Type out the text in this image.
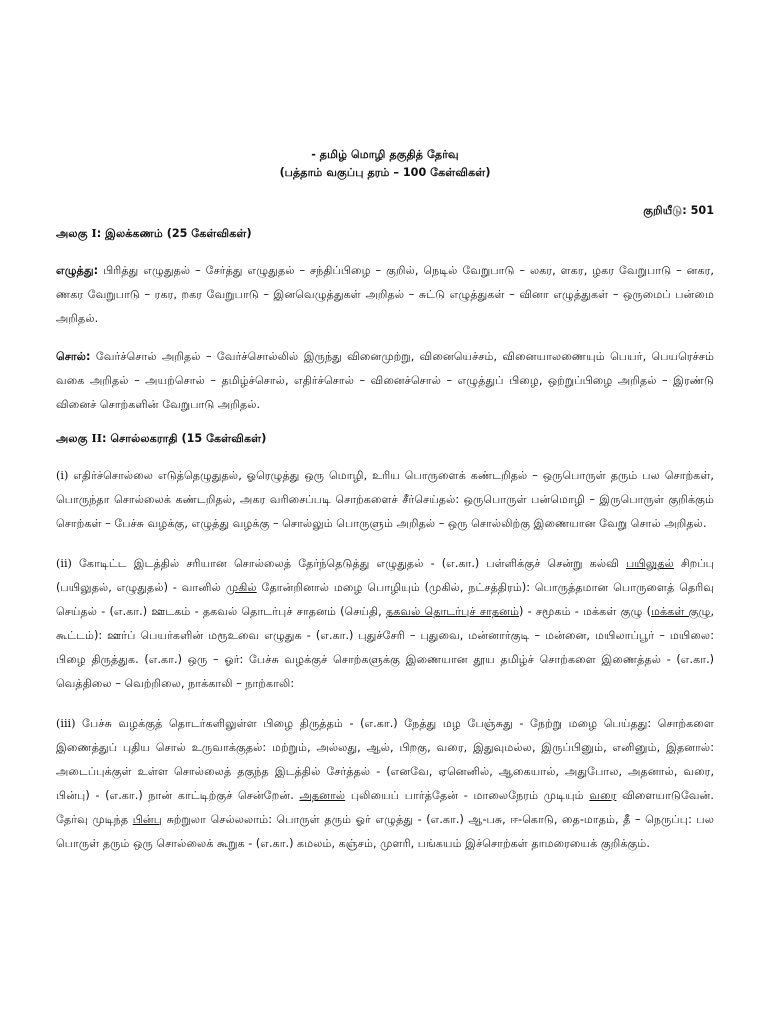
- தமிழ் மொழி தகுதித் தேர்வு
(பத்தாம் வகுப்பு தரம் – 100 கேள்விகள்)
குறியீடு: 501
அலகு I: இலக்கணம் (25 கேள்விகள்)
எழுத்து: பிரித்து எழுதுதல் – சேர்த்து எழுதுதல் – சந்திப்பிழை – குறில், நெடில் வேறுபாடு – லகர, ளகர, ழகர வேறுபாடு – னகர, ணகர வேறுபாடு – ரகர, றகர வேறுபாடு – இனவெழுத்துகள் அறிதல் – சுட்டு எழுத்துகள் – வினா எழுத்துகள் – ஒருமைப் பன்மை அறிதல்.
சொல்: வேர்ச்சொல் அறிதல் – வேர்ச்சொல்லில் இருந்து வினைமுற்று, வினையெச்சம், வினையாலணையும் பெயர், பெயரெச்சம் வகை அறிதல் – அயற்சொல் – தமிழ்ச்சொல், எதிர்ச்சொல் – வினைச்சொல் – எழுத்துப் பிழை, ஒற்றுப்பிழை அறிதல் – இரண்டு வினைச் சொற்களின் வேறுபாடு அறிதல்.
அலகு II: சொல்லகராதி (15 கேள்விகள்)
(i) எதிர்ச்சொல்லை எடுத்தெழுதுதல், ஓரெழுத்து ஒரு மொழி, உரிய பொருளைக் கண்டறிதல் – ஒருபொருள் தரும் பல சொற்கள், பொருந்தா சொல்லைக் கண்டறிதல், அகர வரிசைப்படி சொற்களைச் சீர்செய்தல்: ஒருபொருள் பன்மொழி – இருபொருள் குறிக்கும் சொற்கள் – பேச்சு வழக்கு, எழுத்து வழக்கு – சொல்லும் பொருளும் அறிதல் – ஒரு சொல்லிற்கு இணையான வேறு சொல் அறிதல்.
(ii) கோடிட்ட இடத்தில் சரியான சொல்லைத் தேர்ந்தெடுத்து எழுதுதல் - (எ.கா.) பள்ளிக்குச் சென்று கல்வி பயிலுதல் சிறப்பு (பயிலுதல், எழுதுதல்) - வானில் முகில் தோன்றினால் மழை பொழியும் (முகில், நட்சத்திரம்): பொருத்தமான பொருளைத் தெரிவு செய்தல் - (எ.கா.) ஊடகம் - தகவல் தொடர்புச் சாதனம் (செய்தி, தகவல் தொடர்புச் சாதனம்) - சமூகம் - மக்கள் குழு (மக்கள் குழு, கூட்டம்): ஊர்ப் பெயர்களின் மரூஉவை எழுதுக - (எ.கா.) புதுச்சேரி – புதுவை, மன்னார்குடி – மன்னை, மயிலாப்பூர் – மயிலை: பிழை திருத்துக. (எ.கா.) ஒரு – ஓர்: பேச்சு வழக்குச் சொற்களுக்கு இணையான தூய தமிழ்ச் சொற்களை இணைத்தல் - (எ.கா.) வெத்திலை – வெற்றிலை, நாக்காலி – நாற்காலி:
(iii) பேச்சு வழக்குத் தொடர்களிலுள்ள பிழை திருத்தம் - (எ.கா.) நேத்து மழ பேஞ்சுது - நேற்று மழை பெய்தது: சொற்களை இணைத்துப் புதிய சொல் உருவாக்குதல்: மற்றும், அல்லது, ஆல், பிறகு, வரை, இதுவுமல்ல, இருப்பினும், எனினும், இதனால்: அடைப்புக்குள் உள்ள சொல்லைத் தகுந்த இடத்தில் சேர்த்தல் - (எனவே, ஏனெனில், ஆகையால், அதுபோல, அதனால், வரை, பின்பு) - (எ.கா.) நான் காட்டிற்குச் சென்றேன். அதனால் புலியைப் பார்த்தேன் - மாலைநேரம் முடியும் வரை விளையாடுவேன். தேர்வு முடிந்த பின்பு சுற்றுலா செல்லலாம்: பொருள் தரும் ஓர் எழுத்து - (எ.கா.) ஆ-பசு, ஈ-கொடு, தை-மாதம், தீ – நெருப்பு: பல பொருள் தரும் ஒரு சொல்லைக் கூறுக - (எ.கா.) கமலம், கஞ்சம், முளரி, பங்கயம் இச்சொற்கள் தாமரையைக் குறிக்கும்.
